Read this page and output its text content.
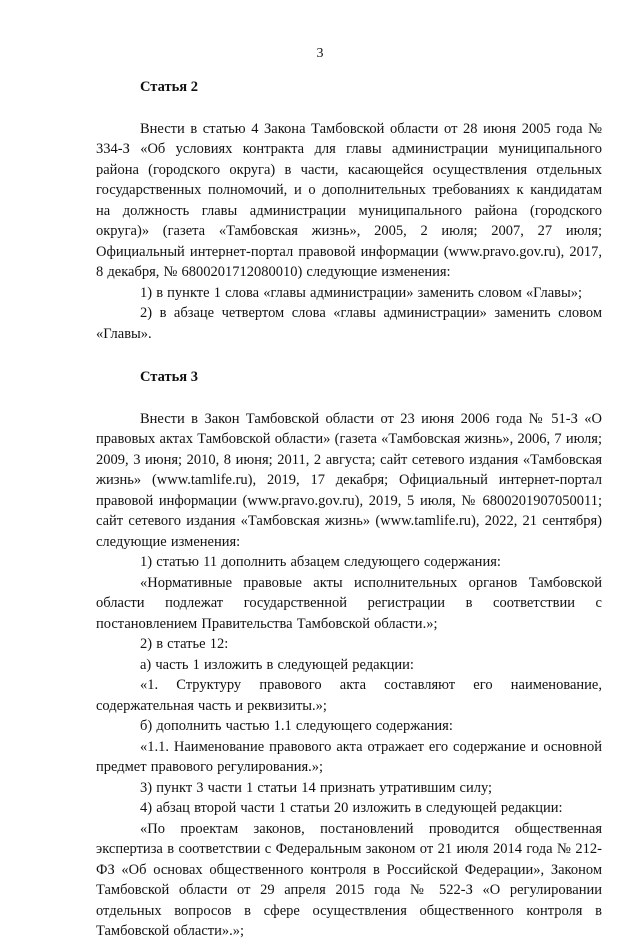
3

Статья 2

Внести в статью 4 Закона Тамбовской области от 28 июня 2005 года № 334-З «Об условиях контракта для главы администрации муниципального района (городского округа) в части, касающейся осуществления отдельных государственных полномочий, и о дополнительных требованиях к кандидатам на должность главы администрации муниципального района (городского округа)» (газета «Тамбовская жизнь», 2005, 2 июля; 2007, 27 июля; Официальный интернет-портал правовой информации (www.pravo.gov.ru), 2017, 8 декабря, № 6800201712080010) следующие изменения:

1) в пункте 1 слова «главы администрации» заменить словом «Главы»;

2) в абзаце четвертом слова «главы администрации» заменить словом «Главы».

Статья 3

Внести в Закон Тамбовской области от 23 июня 2006 года № 51-З «О правовых актах Тамбовской области» (газета «Тамбовская жизнь», 2006, 7 июля; 2009, 3 июня; 2010, 8 июня; 2011, 2 августа; сайт сетевого издания «Тамбовская жизнь» (www.tamlife.ru), 2019, 17 декабря; Официальный интернет-портал правовой информации (www.pravo.gov.ru), 2019, 5 июля, № 6800201907050011; сайт сетевого издания «Тамбовская жизнь» (www.tamlife.ru), 2022, 21 сентября) следующие изменения:

1) статью 11 дополнить абзацем следующего содержания:

«Нормативные правовые акты исполнительных органов Тамбовской области подлежат государственной регистрации в соответствии с постановлением Правительства Тамбовской области.»;

2) в статье 12:

а) часть 1 изложить в следующей редакции:

«1. Структуру правового акта составляют его наименование, содержательная часть и реквизиты.»;

б) дополнить частью 1.1 следующего содержания:

«1.1. Наименование правового акта отражает его содержание и основной предмет правового регулирования.»;

3) пункт 3 части 1 статьи 14 признать утратившим силу;

4) абзац второй части 1 статьи 20 изложить в следующей редакции:

«По проектам законов, постановлений проводится общественная экспертиза в соответствии с Федеральным законом от 21 июля 2014 года № 212-ФЗ «Об основах общественного контроля в Российской Федерации», Законом Тамбовской области от 29 апреля 2015 года № 522-З «О регулировании отдельных вопросов в сфере осуществления общественного контроля в Тамбовской области».»;
